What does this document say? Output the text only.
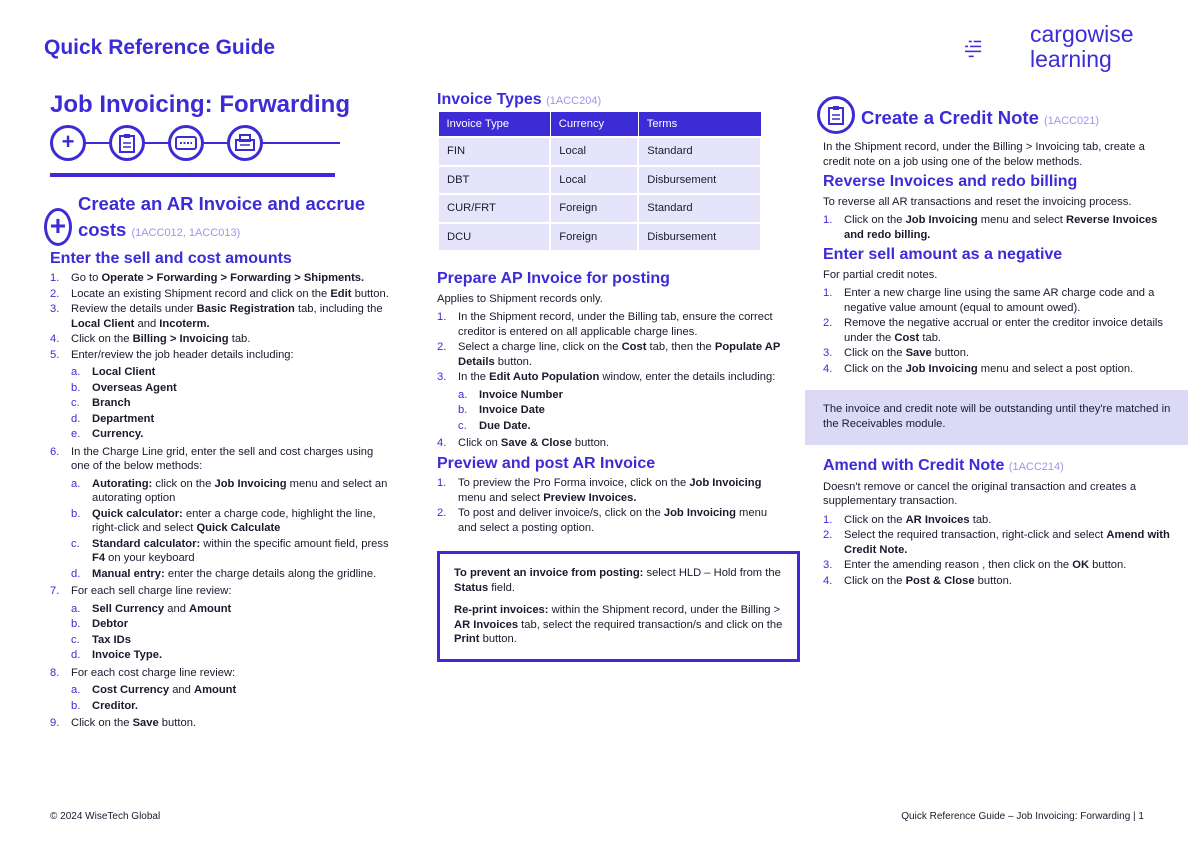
Quick Reference Guide
cargowise
learning
Job Invoicing: Forwarding
+
+
Create an AR Invoice and accrue costs (1ACC012, 1ACC013)
Enter the sell and cost amounts
1. Go to Operate > Forwarding > Forwarding > Shipments.
2. Locate an existing Shipment record and click on the Edit button.
3. Review the details under Basic Registration tab, including the Local Client and Incoterm.
4. Click on the Billing > Invoicing tab.
5. Enter/review the job header details including:
a. Local Client
b. Overseas Agent
c. Branch
d. Department
e. Currency.
6. In the Charge Line grid, enter the sell and cost charges using one of the below methods:
a. Autorating: click on the Job Invoicing menu and select an autorating option
b. Quick calculator: enter a charge code, highlight the line, right-click and select Quick Calculate
c. Standard calculator: within the specific amount field, press F4 on your keyboard
d. Manual entry: enter the charge details along the gridline.
7. For each sell charge line review:
a. Sell Currency and Amount
b. Debtor
c. Tax IDs
d. Invoice Type.
8. For each cost charge line review:
a. Cost Currency and Amount
b. Creditor.
9. Click on the Save button.
Invoice Types (1ACC204)
Invoice Type	Currency	Terms
FIN	Local	Standard
DBT	Local	Disbursement
CUR/FRT	Foreign	Standard
DCU	Foreign	Disbursement
Prepare AP Invoice for posting

Applies to Shipment records only.

1. In the Shipment record, under the Billing tab, ensure the correct creditor is entered on all applicable charge lines.
2. Select a charge line, click on the Cost tab, then the Populate AP Details button.
3. In the Edit Auto Population window, enter the details including:
a. Invoice Number
b. Invoice Date
c. Due Date.
4. Click on Save & Close button.
Preview and post AR Invoice
1. To preview the Pro Forma invoice, click on the Job Invoicing menu and select Preview Invoices.
2. To post and deliver invoice/s, click on the Job Invoicing menu and select a posting option.

To prevent an invoice from posting: select HLD – Hold from the Status field.

Re-print invoices: within the Shipment record, under the Billing > AR Invoices tab, select the required transaction/s and click on the Print button.

Create a Credit Note (1ACC021)

In the Shipment record, under the Billing > Invoicing tab, create a credit note on a job using one of the below methods.

Reverse Invoices and redo billing

To reverse all AR transactions and reset the invoicing process.

1. Click on the Job Invoicing menu and select Reverse Invoices and redo billing.
Enter sell amount as a negative

For partial credit notes.

1. Enter a new charge line using the same AR charge code and a negative value amount (equal to amount owed).
2. Remove the negative accrual or enter the creditor invoice details under the Cost tab.
3. Click on the Save button.
4. Click on the Job Invoicing menu and select a post option.
The invoice and credit note will be outstanding until they're matched in the Receivables module.
Amend with Credit Note (1ACC214)

Doesn't remove or cancel the original transaction and creates a supplementary transaction.

1. Click on the AR Invoices tab.
2. Select the required transaction, right-click and select Amend with Credit Note.
3. Enter the amending reason , then click on the OK button.
4. Click on the Post & Close button.
© 2024 WiseTech Global	Quick Reference Guide – Job Invoicing: Forwarding | 1
